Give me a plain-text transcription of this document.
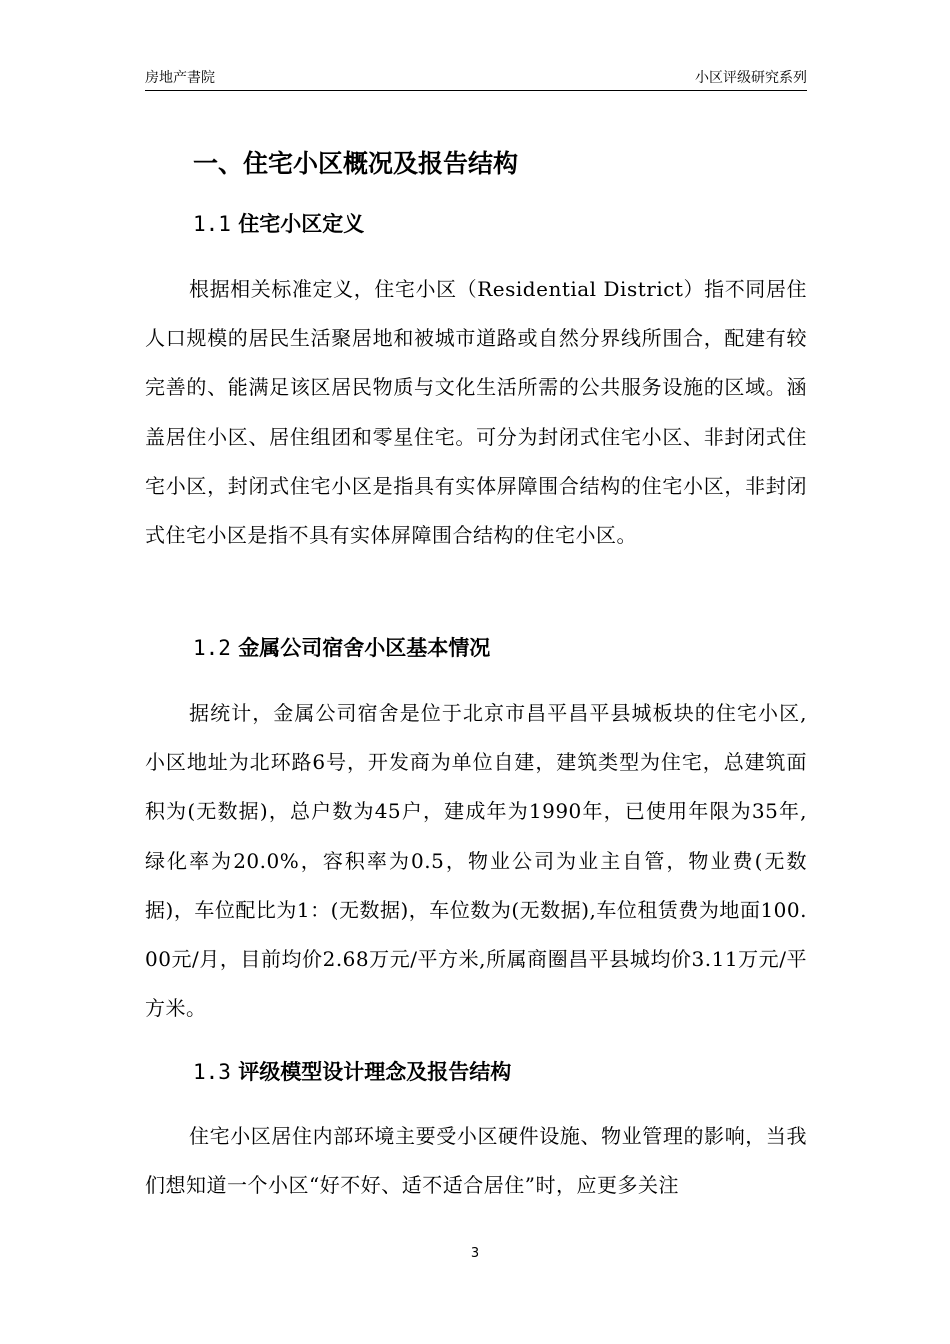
房地产書院	小区评级研究系列
一、住宅小区概况及报告结构
1.1 住宅小区定义

根据相关标准定义，住宅小区（Residential District）指不同居住人口规模的居民生活聚居地和被城市道路或自然分界线所围合，配建有较完善的、能满足该区居民物质与文化生活所需的公共服务设施的区域。涵盖居住小区、居住组团和零星住宅。可分为封闭式住宅小区、非封闭式住宅小区，封闭式住宅小区是指具有实体屏障围合结构的住宅小区，非封闭式住宅小区是指不具有实体屏障围合结构的住宅小区。

1.2 金属公司宿舍小区基本情况

据统计，金属公司宿舍是位于北京市昌平昌平县城板块的住宅小区,小区地址为北环路6号，开发商为单位自建，建筑类型为住宅，总建筑面积为(无数据)，总户数为45户，建成年为1990年，已使用年限为35年,绿化率为20.0%，容积率为0.5，物业公司为业主自管，物业费(无数据)，车位配比为1：(无数据)，车位数为(无数据),车位租赁费为地面100.00元/月，目前均价2.68万元/平方米,所属商圈昌平县城均价3.11万元/平方米。

1.3 评级模型设计理念及报告结构

住宅小区居住内部环境主要受小区硬件设施、物业管理的影响，当我们想知道一个小区“好不好、适不适合居住”时，应更多关注

3
